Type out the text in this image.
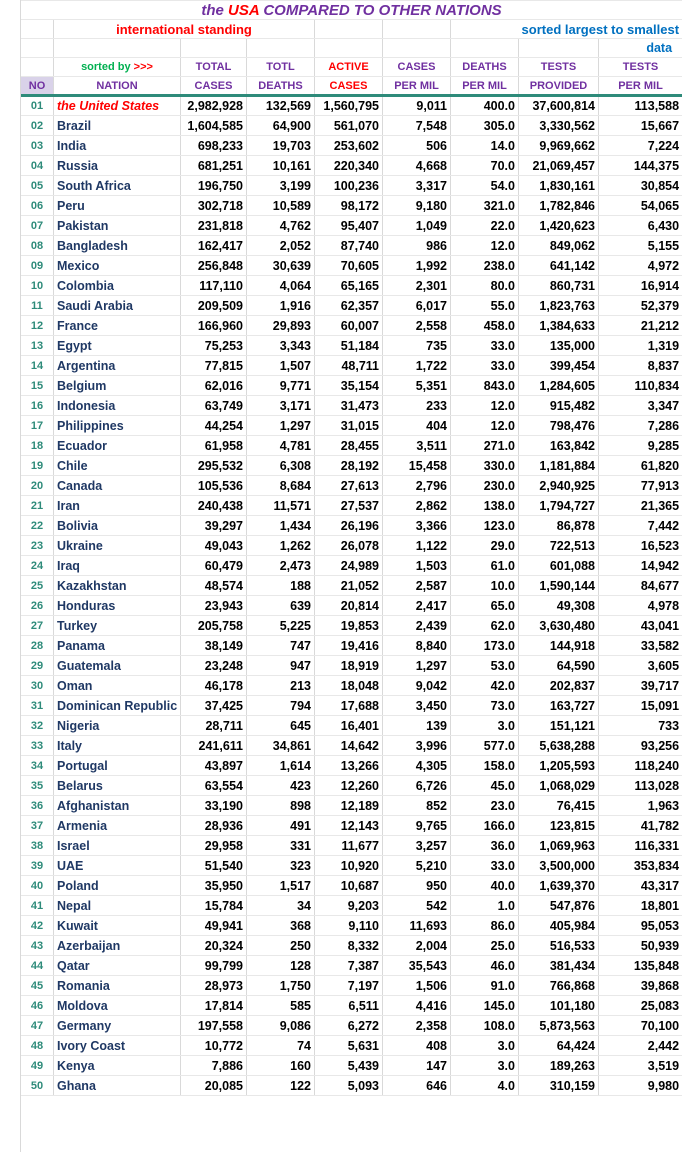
the USA COMPARED TO OTHER NATIONS								
	international standing					sorted largest to smallest		
								data
	sorted by >>>	TOTAL	TOTL	ACTIVE	CASES	DEATHS	TESTS	TESTS
NO	NATION	CASES	DEATHS	CASES	PER MIL	PER MIL	PROVIDED	PER MIL
01	the United States	2,982,928	132,569	1,560,795	9,011	400.0	37,600,814	113,588
02	Brazil	1,604,585	64,900	561,070	7,548	305.0	3,330,562	15,667
03	India	698,233	19,703	253,602	506	14.0	9,969,662	7,224
04	Russia	681,251	10,161	220,340	4,668	70.0	21,069,457	144,375
05	South Africa	196,750	3,199	100,236	3,317	54.0	1,830,161	30,854
06	Peru	302,718	10,589	98,172	9,180	321.0	1,782,846	54,065
07	Pakistan	231,818	4,762	95,407	1,049	22.0	1,420,623	6,430
08	Bangladesh	162,417	2,052	87,740	986	12.0	849,062	5,155
09	Mexico	256,848	30,639	70,605	1,992	238.0	641,142	4,972
10	Colombia	117,110	4,064	65,165	2,301	80.0	860,731	16,914
11	Saudi Arabia	209,509	1,916	62,357	6,017	55.0	1,823,763	52,379
12	France	166,960	29,893	60,007	2,558	458.0	1,384,633	21,212
13	Egypt	75,253	3,343	51,184	735	33.0	135,000	1,319
14	Argentina	77,815	1,507	48,711	1,722	33.0	399,454	8,837
15	Belgium	62,016	9,771	35,154	5,351	843.0	1,284,605	110,834
16	Indonesia	63,749	3,171	31,473	233	12.0	915,482	3,347
17	Philippines	44,254	1,297	31,015	404	12.0	798,476	7,286
18	Ecuador	61,958	4,781	28,455	3,511	271.0	163,842	9,285
19	Chile	295,532	6,308	28,192	15,458	330.0	1,181,884	61,820
20	Canada	105,536	8,684	27,613	2,796	230.0	2,940,925	77,913
21	Iran	240,438	11,571	27,537	2,862	138.0	1,794,727	21,365
22	Bolivia	39,297	1,434	26,196	3,366	123.0	86,878	7,442
23	Ukraine	49,043	1,262	26,078	1,122	29.0	722,513	16,523
24	Iraq	60,479	2,473	24,989	1,503	61.0	601,088	14,942
25	Kazakhstan	48,574	188	21,052	2,587	10.0	1,590,144	84,677
26	Honduras	23,943	639	20,814	2,417	65.0	49,308	4,978
27	Turkey	205,758	5,225	19,853	2,439	62.0	3,630,480	43,041
28	Panama	38,149	747	19,416	8,840	173.0	144,918	33,582
29	Guatemala	23,248	947	18,919	1,297	53.0	64,590	3,605
30	Oman	46,178	213	18,048	9,042	42.0	202,837	39,717
31	Dominican Republic	37,425	794	17,688	3,450	73.0	163,727	15,091
32	Nigeria	28,711	645	16,401	139	3.0	151,121	733
33	Italy	241,611	34,861	14,642	3,996	577.0	5,638,288	93,256
34	Portugal	43,897	1,614	13,266	4,305	158.0	1,205,593	118,240
35	Belarus	63,554	423	12,260	6,726	45.0	1,068,029	113,028
36	Afghanistan	33,190	898	12,189	852	23.0	76,415	1,963
37	Armenia	28,936	491	12,143	9,765	166.0	123,815	41,782
38	Israel	29,958	331	11,677	3,257	36.0	1,069,963	116,331
39	UAE	51,540	323	10,920	5,210	33.0	3,500,000	353,834
40	Poland	35,950	1,517	10,687	950	40.0	1,639,370	43,317
41	Nepal	15,784	34	9,203	542	1.0	547,876	18,801
42	Kuwait	49,941	368	9,110	11,693	86.0	405,984	95,053
43	Azerbaijan	20,324	250	8,332	2,004	25.0	516,533	50,939
44	Qatar	99,799	128	7,387	35,543	46.0	381,434	135,848
45	Romania	28,973	1,750	7,197	1,506	91.0	766,868	39,868
46	Moldova	17,814	585	6,511	4,416	145.0	101,180	25,083
47	Germany	197,558	9,086	6,272	2,358	108.0	5,873,563	70,100
48	Ivory Coast	10,772	74	5,631	408	3.0	64,424	2,442
49	Kenya	7,886	160	5,439	147	3.0	189,263	3,519
50	Ghana	20,085	122	5,093	646	4.0	310,159	9,980
